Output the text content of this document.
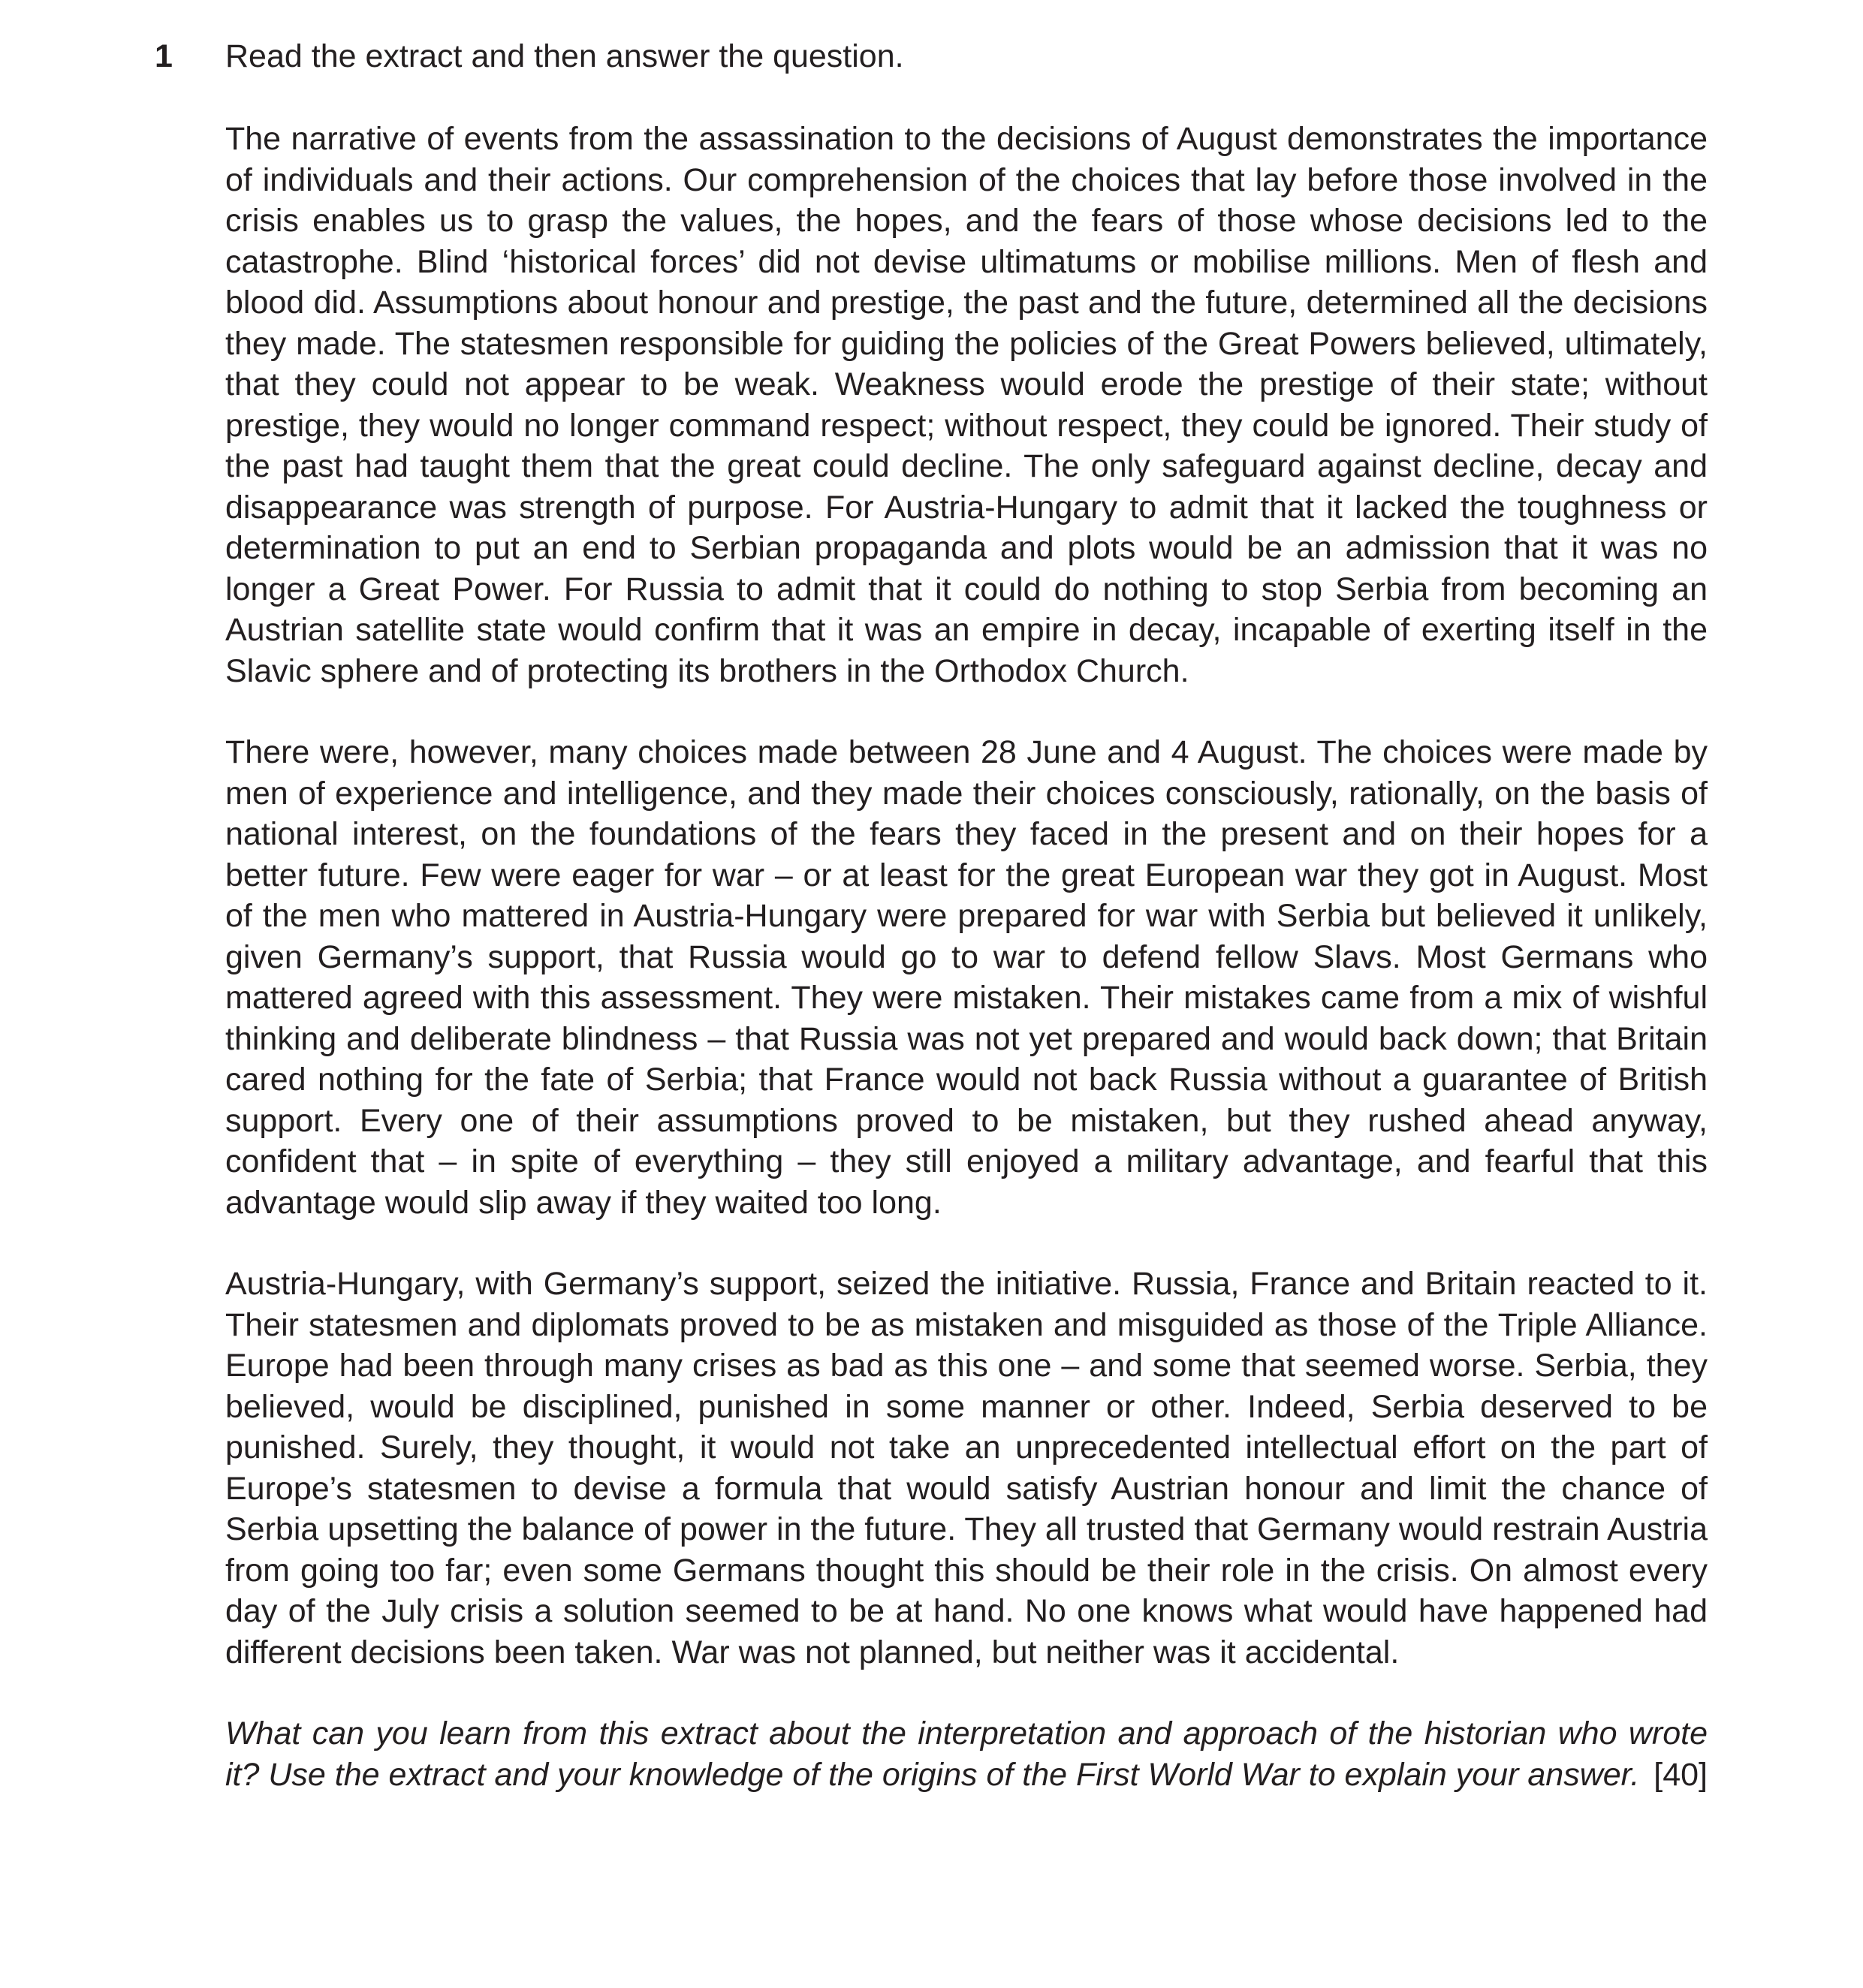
1 Read the extract and then answer the question.

The narrative of events from the assassination to the decisions of August demonstrates the importance of individuals and their actions. Our comprehension of the choices that lay before those involved in the crisis enables us to grasp the values, the hopes, and the fears of those whose decisions led to the catastrophe. Blind ‘historical forces’ did not devise ultimatums or mobilise millions. Men of flesh and blood did. Assumptions about honour and prestige, the past and the future, determined all the decisions they made. The statesmen responsible for guiding the policies of the Great Powers believed, ultimately, that they could not appear to be weak. Weakness would erode the prestige of their state; without prestige, they would no longer command respect; without respect, they could be ignored. Their study of the past had taught them that the great could decline. The only safeguard against decline, decay and disappearance was strength of purpose. For Austria-Hungary to admit that it lacked the toughness or determination to put an end to Serbian propaganda and plots would be an admission that it was no longer a Great Power. For Russia to admit that it could do nothing to stop Serbia from becoming an Austrian satellite state would confirm that it was an empire in decay, incapable of exerting itself in the Slavic sphere and of protecting its brothers in the Orthodox Church.

There were, however, many choices made between 28 June and 4 August. The choices were made by men of experience and intelligence, and they made their choices consciously, rationally, on the basis of national interest, on the foundations of the fears they faced in the present and on their hopes for a better future. Few were eager for war – or at least for the great European war they got in August. Most of the men who mattered in Austria-Hungary were prepared for war with Serbia but believed it unlikely, given Germany’s support, that Russia would go to war to defend fellow Slavs. Most Germans who mattered agreed with this assessment. They were mistaken. Their mistakes came from a mix of wishful thinking and deliberate blindness – that Russia was not yet prepared and would back down; that Britain cared nothing for the fate of Serbia; that France would not back Russia without a guarantee of British support. Every one of their assumptions proved to be mistaken, but they rushed ahead anyway, confident that – in spite of everything – they still enjoyed a military advantage, and fearful that this advantage would slip away if they waited too long.

Austria-Hungary, with Germany’s support, seized the initiative. Russia, France and Britain reacted to it. Their statesmen and diplomats proved to be as mistaken and misguided as those of the Triple Alliance. Europe had been through many crises as bad as this one – and some that seemed worse. Serbia, they believed, would be disciplined, punished in some manner or other. Indeed, Serbia deserved to be punished. Surely, they thought, it would not take an unprecedented intellectual effort on the part of Europe’s statesmen to devise a formula that would satisfy Austrian honour and limit the chance of Serbia upsetting the balance of power in the future. They all trusted that Germany would restrain Austria from going too far; even some Germans thought this should be their role in the crisis. On almost every day of the July crisis a solution seemed to be at hand. No one knows what would have happened had different decisions been taken. War was not planned, but neither was it accidental.

What can you learn from this extract about the interpretation and approach of the historian who wrote it? Use the extract and your knowledge of the origins of the First World War to explain your answer. [40]
